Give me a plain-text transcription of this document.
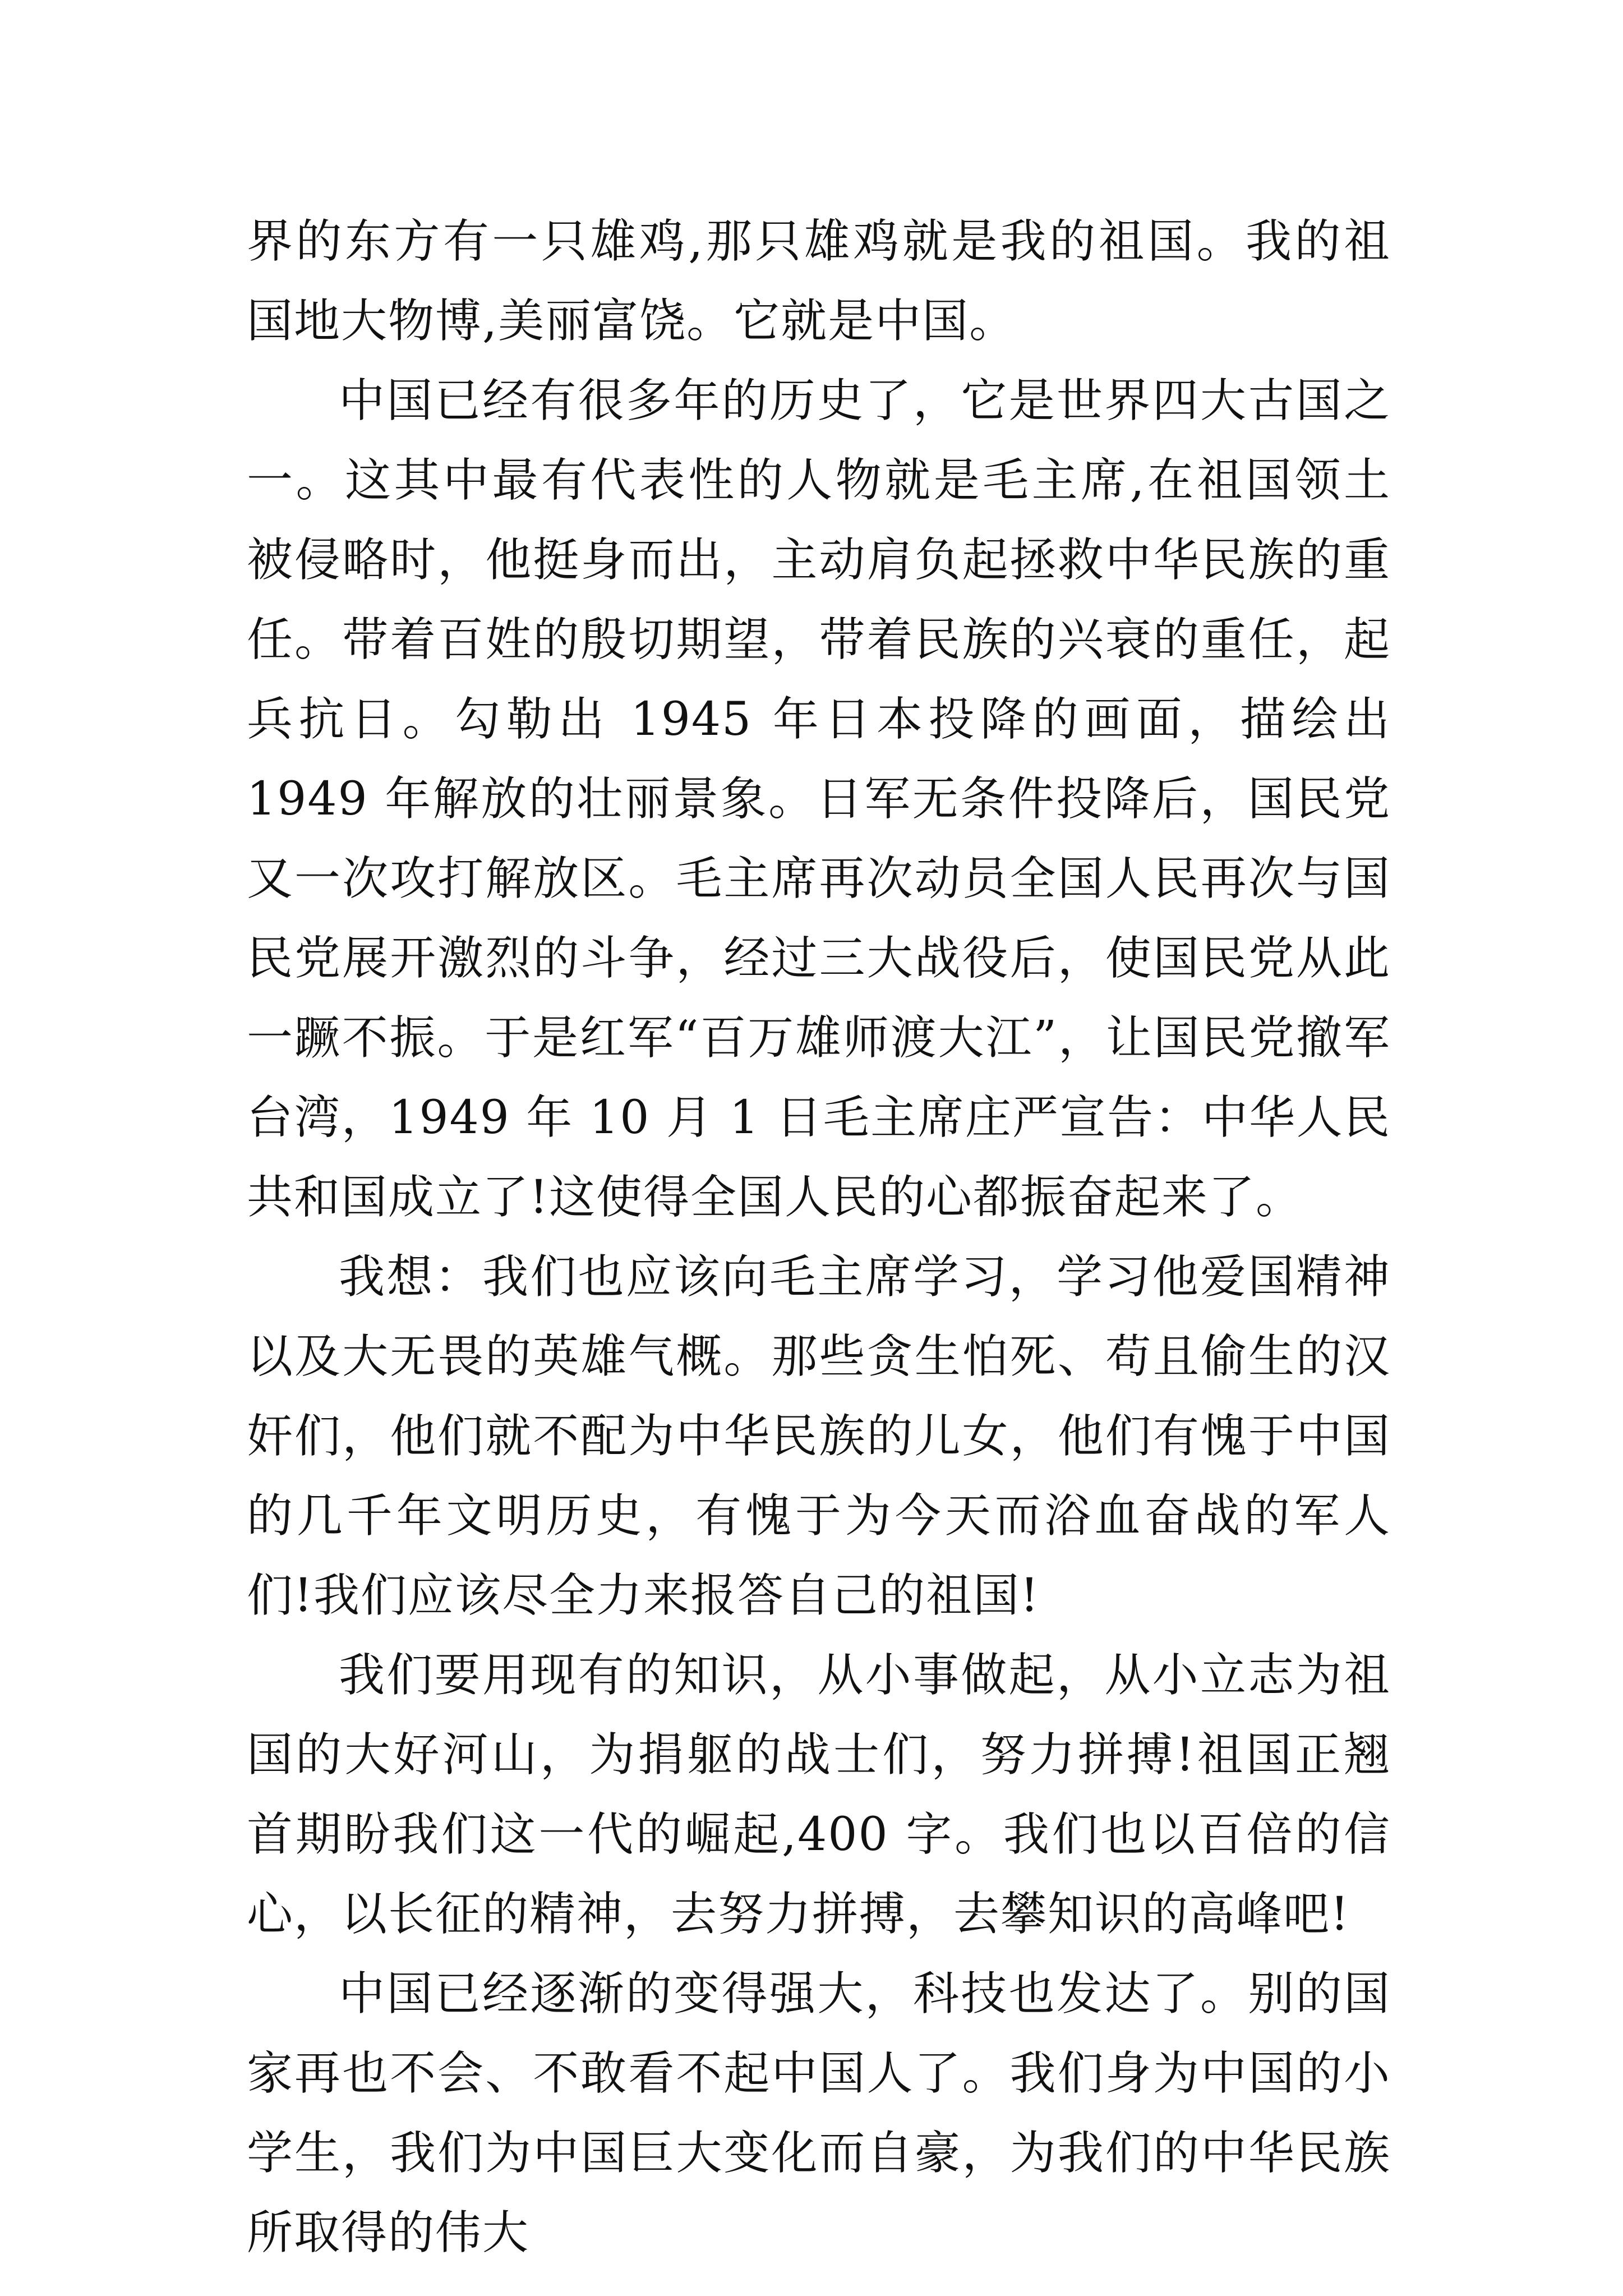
界的东方有一只雄鸡,那只雄鸡就是我的祖国。我的祖国地大物博,美丽富饶。它就是中国。

中国已经有很多年的历史了，它是世界四大古国之一。这其中最有代表性的人物就是毛主席,在祖国领土被侵略时，他挺身而出，主动肩负起拯救中华民族的重任。带着百姓的殷切期望，带着民族的兴衰的重任，起兵抗日。勾勒出 1945 年日本投降的画面，描绘出 1949 年解放的壮丽景象。日军无条件投降后，国民党又一次攻打解放区。毛主席再次动员全国人民再次与国民党展开激烈的斗争，经过三大战役后，使国民党从此一蹶不振。于是红军“百万雄师渡大江”，让国民党撤军台湾，1949 年 10 月 1 日毛主席庄严宣告：中华人民共和国成立了!这使得全国人民的心都振奋起来了。

我想：我们也应该向毛主席学习，学习他爱国精神以及大无畏的英雄气概。那些贪生怕死、苟且偷生的汉奸们，他们就不配为中华民族的儿女，他们有愧于中国的几千年文明历史，有愧于为今天而浴血奋战的军人们!我们应该尽全力来报答自己的祖国!

我们要用现有的知识，从小事做起，从小立志为祖国的大好河山，为捐躯的战士们，努力拼搏!祖国正翘首期盼我们这一代的崛起,400 字。我们也以百倍的信心，以长征的精神，去努力拼搏，去攀知识的高峰吧!

中国已经逐渐的变得强大，科技也发达了。别的国家再也不会、不敢看不起中国人了。我们身为中国的小学生，我们为中国巨大变化而自豪，为我们的中华民族所取得的伟大
